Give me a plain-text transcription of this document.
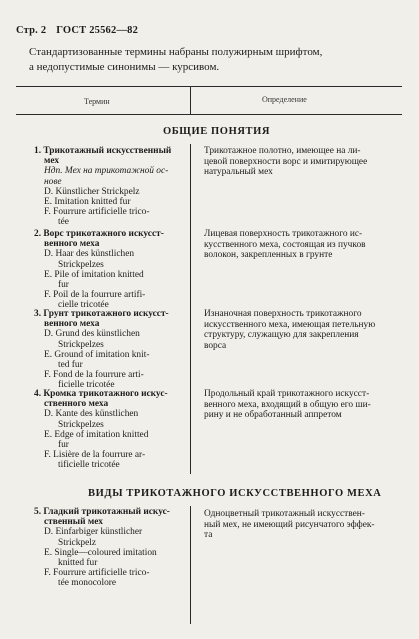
Стр. 2 ГОСТ 25562—82
Стандартизованные термины набраны полужирным шрифтом,
а недопустимые синонимы — курсивом.
Термин	Определение
ОБЩИЕ ПОНЯТИЯ
1. Трикотажный искусственный
мех
Ндп. Мех на трикотажной ос-
нове
D. Künstlicher Strickpelz
E. Imitation knitted fur
F. Fourrure artificielle trico-
tée
Трикотажное полотно, имеющее на ли-
цевой поверхности ворс и имитирующее
натуральный мех
2. Ворс трикотажного искусст-
венного меха
D. Haar des künstlichen
Strickpelzes
E. Pile of imitation knitted
fur
F. Poil de la fourrure artifi-
cielle tricotée
Лицевая поверхность трикотажного ис-
кусственного меха, состоящая из пучков
волокон, закрепленных в грунте
3. Грунт трикотажного искусст-
венного меха
D. Grund des künstlichen
Strickpelzes
E. Ground of imitation knit-
ted fur
F. Fond de la fourrure arti-
ficielle tricotée
Изнаночная поверхность трикотажного
искусственного меха, имеющая петельную
структуру, служащую для закрепления
ворса
4. Кромка трикотажного искус-
ственного меха
D. Kante des künstlichen
Strickpelzes
E. Edge of imitation knitted
fur
F. Lisière de la fourrure ar-
tificielle tricotée
Продольный край трикотажного искусст-
венного меха, входящий в общую его ши-
рину и не обработанный аппретом
ВИДЫ ТРИКОТАЖНОГО ИСКУССТВЕННОГО МЕХА
5. Гладкий трикотажный искус-
ственный мех
D. Einfarbiger künstlicher
Strickpelz
E. Single—coloured imitation
knitted fur
F. Fourrure artificielle trico-
tée monocolore
Одноцветный трикотажный искусствен-
ный мех, не имеющий рисунчатого эффек-
та
